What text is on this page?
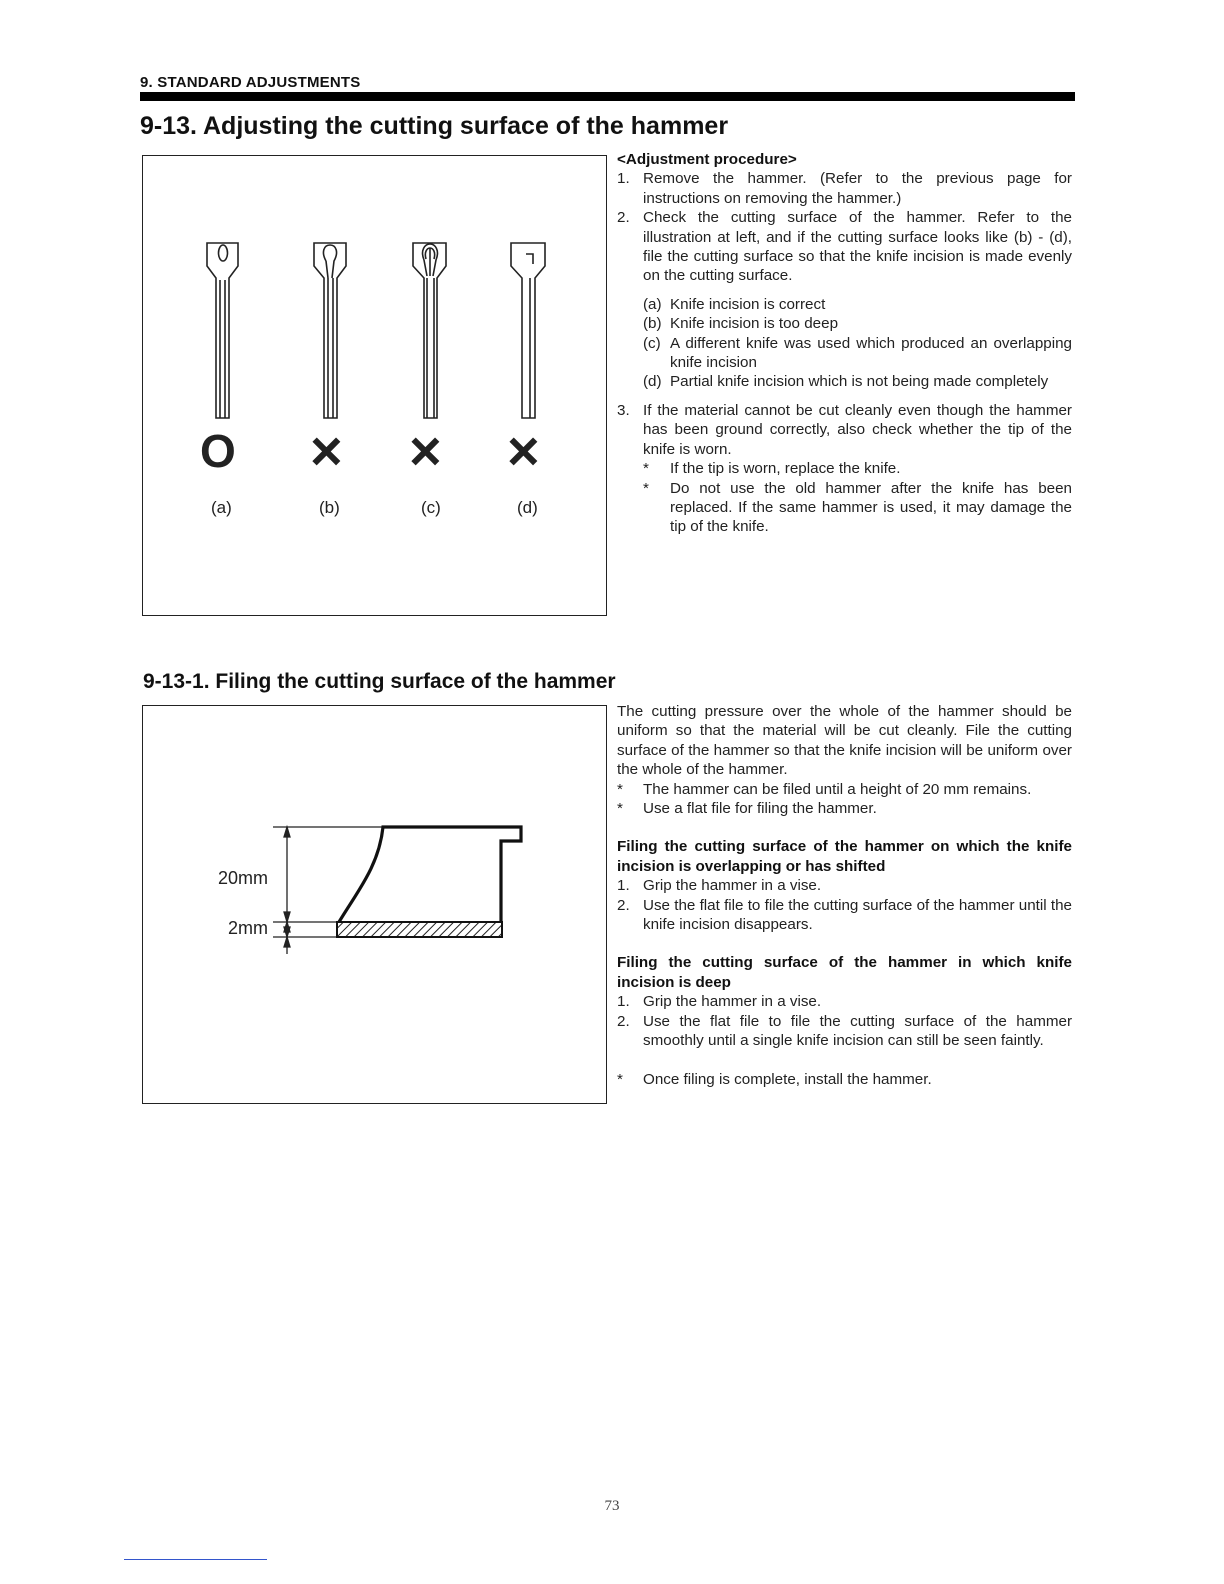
9. STANDARD ADJUSTMENTS
9-13. Adjusting the cutting surface of the hammer
O × × ×
(a)	(b)	(c)	(d)

<Adjustment procedure>

1. Remove the hammer. (Refer to the previous page for instructions on removing the hammer.)
2. Check the cutting surface of the hammer. Refer to the illustration at left, and if the cutting surface looks like (b) - (d), file the cutting surface so that the knife incision is made evenly on the cutting surface.
(a) Knife incision is correct
(b) Knife incision is too deep
(c) A different knife was used which produced an overlapping knife incision
(d) Partial knife incision which is not being made completely
3. If the material cannot be cut cleanly even though the hammer has been ground correctly, also check whether the tip of the knife is worn.
*	If the tip is worn, replace the knife.
*	Do not use the old hammer after the knife has been replaced. If the same hammer is used, it may damage the tip of the knife.
9-13-1. Filing the cutting surface of the hammer
20mm
2mm

The cutting pressure over the whole of the hammer should be uniform so that the material will be cut cleanly. File the cutting surface of the hammer so that the knife incision will be uniform over the whole of the hammer.

*	The hammer can be filed until a height of 20 mm remains.
*	Use a flat file for filing the hammer.

Filing the cutting surface of the hammer on which the knife incision is overlapping or has shifted

1. Grip the hammer in a vise.
2. Use the flat file to file the cutting surface of the hammer until the knife incision disappears.

Filing the cutting surface of the hammer in which knife incision is deep

1. Grip the hammer in a vise.
2. Use the flat file to file the cutting surface of the hammer smoothly until a single knife incision can still be seen faintly.
*	Once filing is complete, install the hammer.
73
